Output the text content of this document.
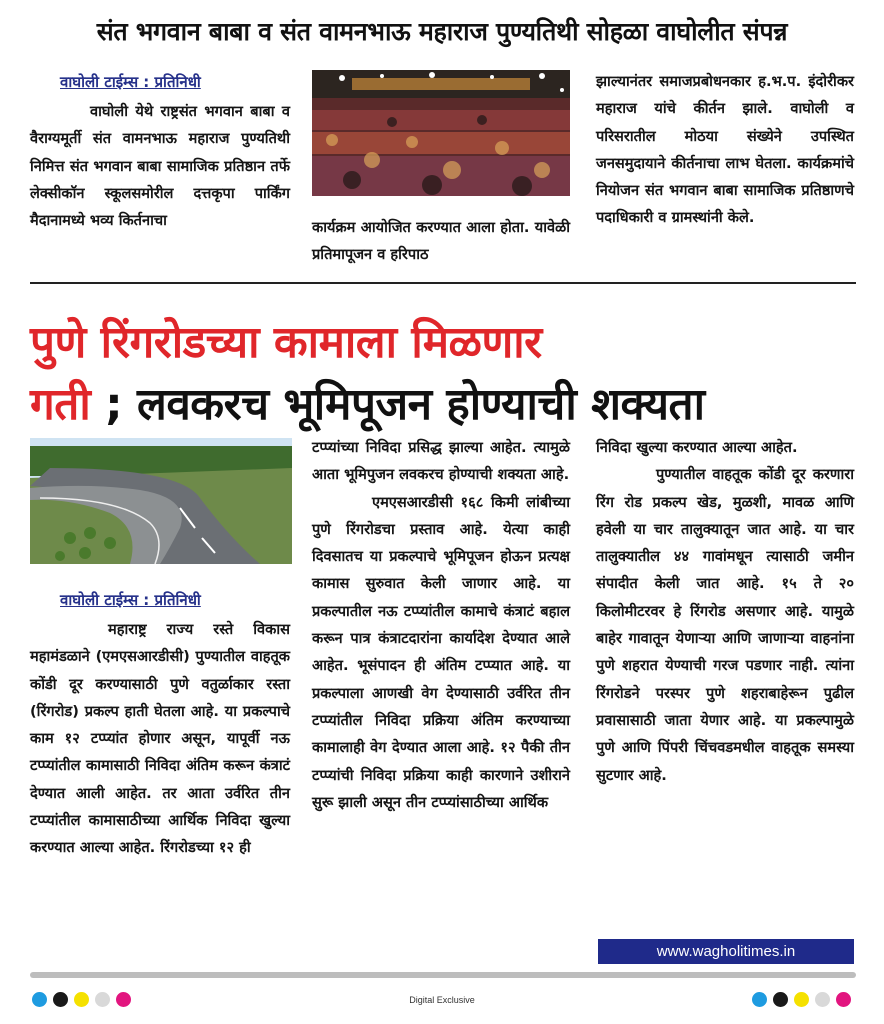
संत भगवान बाबा व संत वामनभाऊ महाराज पुण्यतिथी सोहळा वाघोलीत संपन्न
वाघोली टाईम्स : प्रतिनिधी
वाघोली येथे राष्ट्रसंत भगवान बाबा व वैराग्यमूर्ती संत वामनभाऊ महाराज पुण्यतिथी निमित्त संत भगवान बाबा सामाजिक प्रतिष्ठान तर्फे लेक्सीकॉन स्कूलसमोरील दत्तकृपा पार्किंग मैदानामध्ये भव्य किर्तनाचा	कार्यक्रम आयोजित करण्यात आला होता. यावेळी प्रतिमापूजन व हरिपाठ
झाल्यानंतर समाजप्रबोधनकार ह.भ.प. इंदोरीकर महाराज यांचे कीर्तन झाले. वाघोली व परिसरातील मोठया संख्येने उपस्थित जनसमुदायाने कीर्तनाचा लाभ घेतला. कार्यक्रमांचे नियोजन संत भगवान बाबा सामाजिक प्रतिष्ठाणचे पदाधिकारी व ग्रामस्थांनी केले.
पुणे रिंगरोडच्या कामाला मिळणार
गती ; लवकरच भूमिपूजन होण्याची शक्यता
वाघोली टाईम्स : प्रतिनिधी
महाराष्ट्र राज्य रस्ते विकास महामंडळाने (एमएसआरडीसी) पुण्यातील वाहतूक कोंडी दूर करण्यासाठी पुणे वतुर्ळाकार रस्ता (रिंगरोड) प्रकल्प हाती घेतला आहे. या प्रकल्पाचे काम १२ टप्प्यांत होणार असून, यापूर्वी नऊ टप्प्यांतील कामासाठी निविदा अंतिम करून कंत्राटं देण्यात आली आहेत. तर आता उर्वरित तीन टप्प्यांतील कामासाठीच्या आर्थिक निविदा खुल्या करण्यात आल्या आहेत. रिंगरोडच्या १२ ही
टप्प्यांच्या निविदा प्रसिद्ध झाल्या आहेत. त्यामुळे आता भूमिपुजन लवकरच होण्याची शक्यता आहे.
एमएसआरडीसी १६८ किमी लांबीच्या पुणे रिंगरोडचा प्रस्ताव आहे. येत्या काही दिवसातच या प्रकल्पाचे भूमिपूजन होऊन प्रत्यक्ष कामास सुरुवात केली जाणार आहे. या प्रकल्पातील नऊ टप्प्यांतील कामाचे कंत्राटं बहाल करून पात्र कंत्राटदारांना कार्यादेश देण्यात आले आहेत. भूसंपादन ही अंतिम टप्प्यात आहे. या प्रकल्पाला आणखी वेग देण्यासाठी उर्वरित तीन टप्प्यांतील निविदा प्रक्रिया अंतिम करण्याच्या कामालाही वेग देण्यात आला आहे. १२ पैकी तीन टप्प्यांची निविदा प्रक्रिया काही कारणाने उशीराने सुरू झाली असून तीन टप्प्यांसाठीच्या आर्थिक
निविदा खुल्या करण्यात आल्या आहेत.
पुण्यातील वाहतूक कोंडी दूर करणारा रिंग रोड प्रकल्प खेड, मुळशी, मावळ आणि हवेली या चार तालुक्यातून जात आहे. या चार तालुक्यातील ४४ गावांमधून त्यासाठी जमीन संपादीत केली जात आहे. १५ ते २० किलोमीटरवर हे रिंगरोड असणार आहे. यामुळे बाहेर गावातून येणाऱ्या आणि जाणाऱ्या वाहनांना पुणे शहरात येण्याची गरज पडणार नाही. त्यांना रिंगरोडने परस्पर पुणे शहराबाहेरून पुढील प्रवासासाठी जाता येणार आहे. या प्रकल्पामुळे पुणे आणि पिंपरी चिंचवडमधील वाहतूक समस्या सुटणार आहे.
www.wagholitimes.in
Digital Exclusive
